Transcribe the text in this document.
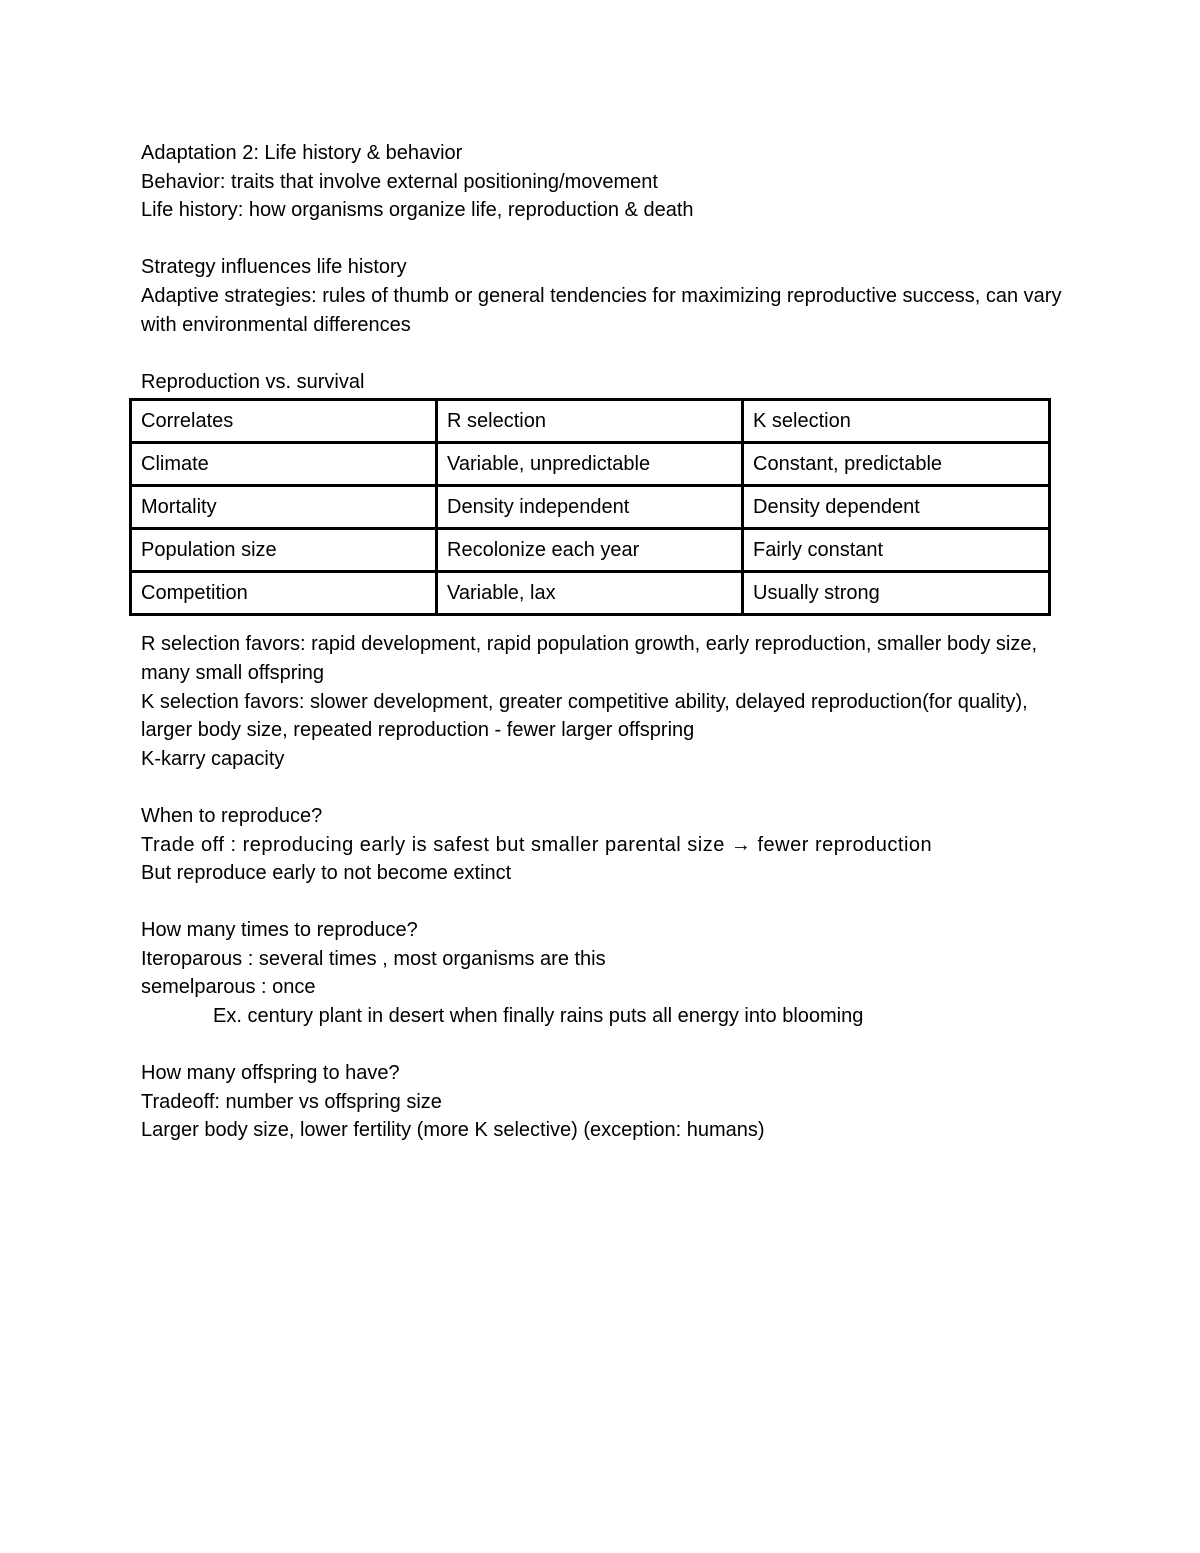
Adaptation 2: Life history & behavior
Behavior: traits that involve external positioning/movement
Life history: how organisms organize life, reproduction & death
Strategy influences life history
Adaptive strategies: rules of thumb or general tendencies for maximizing reproductive success, can vary with environmental differences
Reproduction vs. survival
Correlates	R selection	K selection
Climate	Variable, unpredictable	Constant, predictable
Mortality	Density independent	Density dependent
Population size	Recolonize each year	Fairly constant
Competition	Variable, lax	Usually strong
R selection favors: rapid development, rapid population growth, early reproduction, smaller body size, many small offspring
K selection favors: slower development, greater competitive ability, delayed reproduction(for quality), larger body size, repeated reproduction - fewer larger offspring
K-karry capacity
When to reproduce?
Trade off : reproducing early is safest but smaller parental size → fewer reproduction
But reproduce early to not become extinct
How many times to reproduce?
Iteroparous : several times , most organisms are this
semelparous : once
Ex. century plant in desert when finally rains puts all energy into blooming
How many offspring to have?
Tradeoff: number vs offspring size
Larger body size, lower fertility (more K selective) (exception: humans)
